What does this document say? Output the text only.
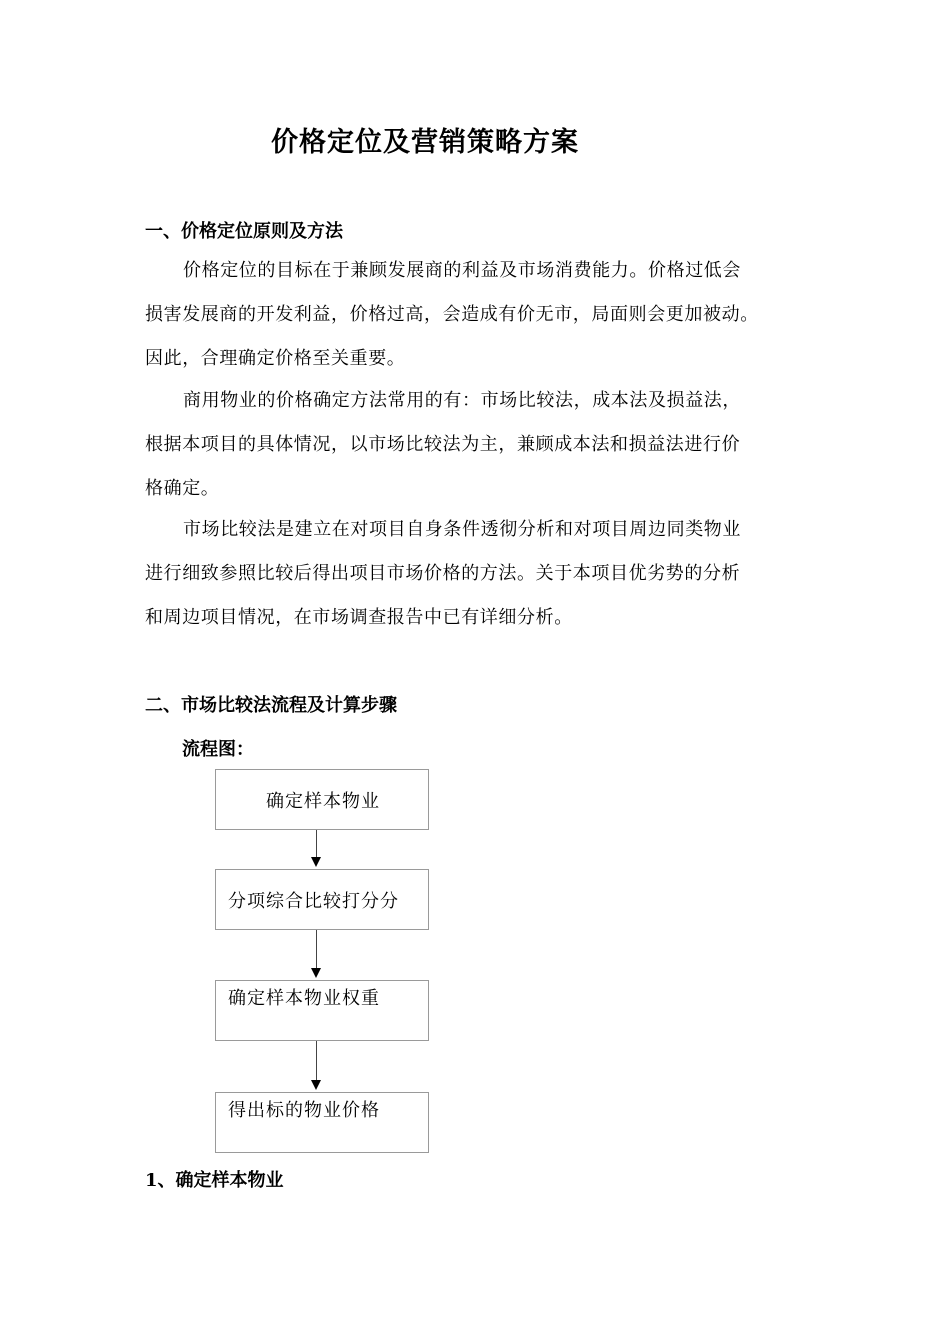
价格定位及营销策略方案
一、价格定位原则及方法
价格定位的目标在于兼顾发展商的利益及市场消费能力。价格过低会
损害发展商的开发利益，价格过高，会造成有价无市，局面则会更加被动。
因此，合理确定价格至关重要。
商用物业的价格确定方法常用的有：市场比较法，成本法及损益法，
根据本项目的具体情况，以市场比较法为主，兼顾成本法和损益法进行价
格确定。
市场比较法是建立在对项目自身条件透彻分析和对项目周边同类物业
进行细致参照比较后得出项目市场价格的方法。关于本项目优劣势的分析
和周边项目情况，在市场调查报告中已有详细分析。
二、市场比较法流程及计算步骤
流程图：
确定样本物业
分项综合比较打分分
确定样本物业权重
得出标的物业价格
1、确定样本物业
